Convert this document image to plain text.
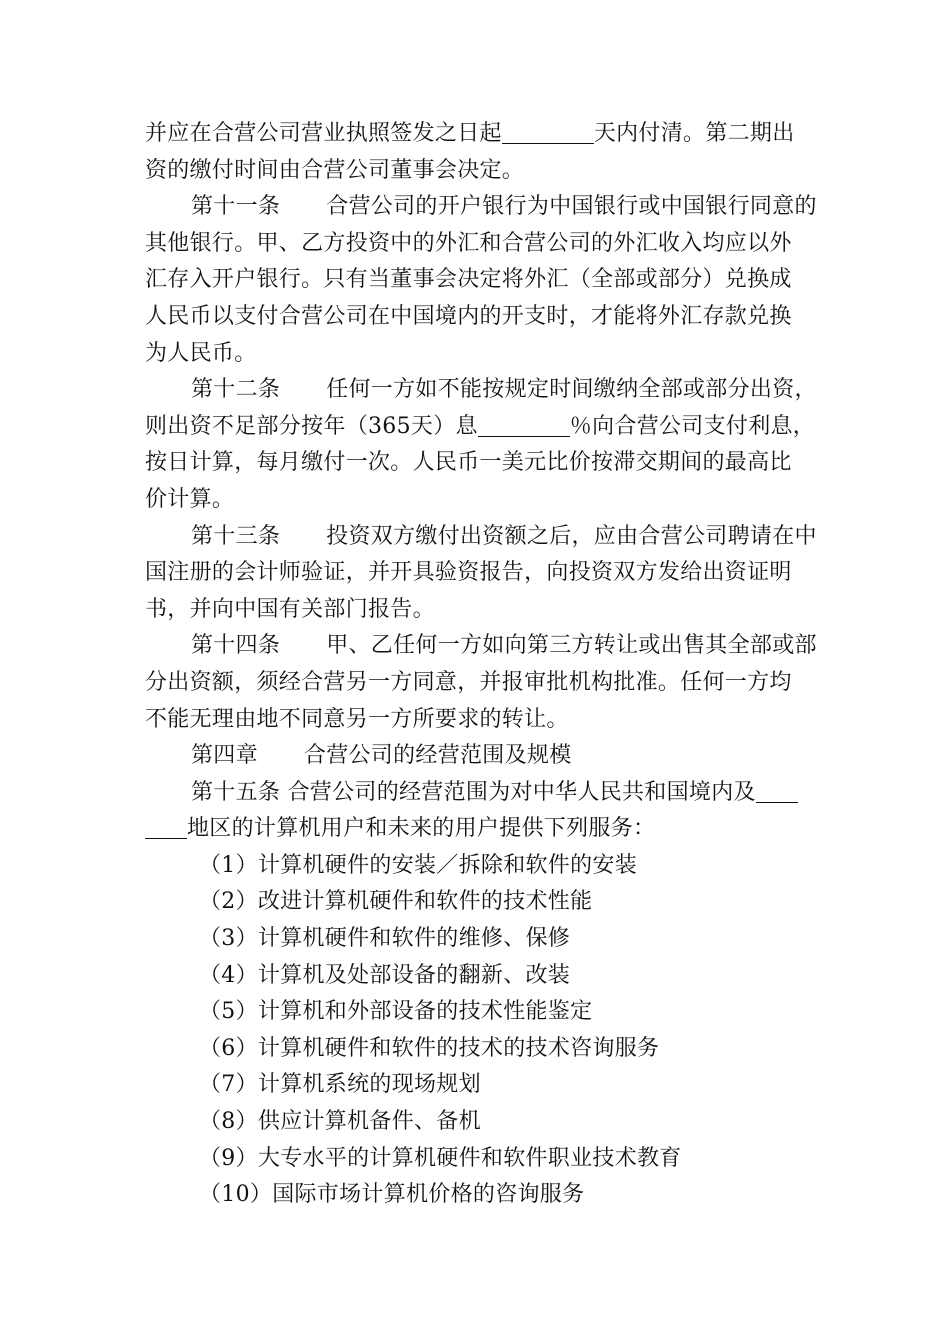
并应在合营公司营业执照签发之日起	天内付清。第二期出
资的缴付时间由合营公司董事会决定。
第十一条 合营公司的开户银行为中国银行或中国银行同意的
其他银行。甲、乙方投资中的外汇和合营公司的外汇收入均应以外
汇存入开户银行。只有当董事会决定将外汇（全部或部分）兑换成
人民币以支付合营公司在中国境内的开支时，才能将外汇存款兑换
为人民币。
第十二条 任何一方如不能按规定时间缴纳全部或部分出资，
则出资不足部分按年（365天）息	％向合营公司支付利息，
按日计算，每月缴付一次。人民币一美元比价按滞交期间的最高比
价计算。
第十三条 投资双方缴付出资额之后，应由合营公司聘请在中
国注册的会计师验证，并开具验资报告，向投资双方发给出资证明
书，并向中国有关部门报告。
第十四条 甲、乙任何一方如向第三方转让或出售其全部或部
分出资额，须经合营另一方同意，并报审批机构批准。任何一方均
不能无理由地不同意另一方所要求的转让。
第四章 合营公司的经营范围及规模
第十五条 合营公司的经营范围为对中华人民共和国境内及
地区的计算机用户和未来的用户提供下列服务：
（1）计算机硬件的安装／拆除和软件的安装
（2）改进计算机硬件和软件的技术性能
（3）计算机硬件和软件的维修、保修
（4）计算机及处部设备的翻新、改装
（5）计算机和外部设备的技术性能鉴定
（6）计算机硬件和软件的技术的技术咨询服务
（7）计算机系统的现场规划
（8）供应计算机备件、备机
（9）大专水平的计算机硬件和软件职业技术教育
（10）国际市场计算机价格的咨询服务
